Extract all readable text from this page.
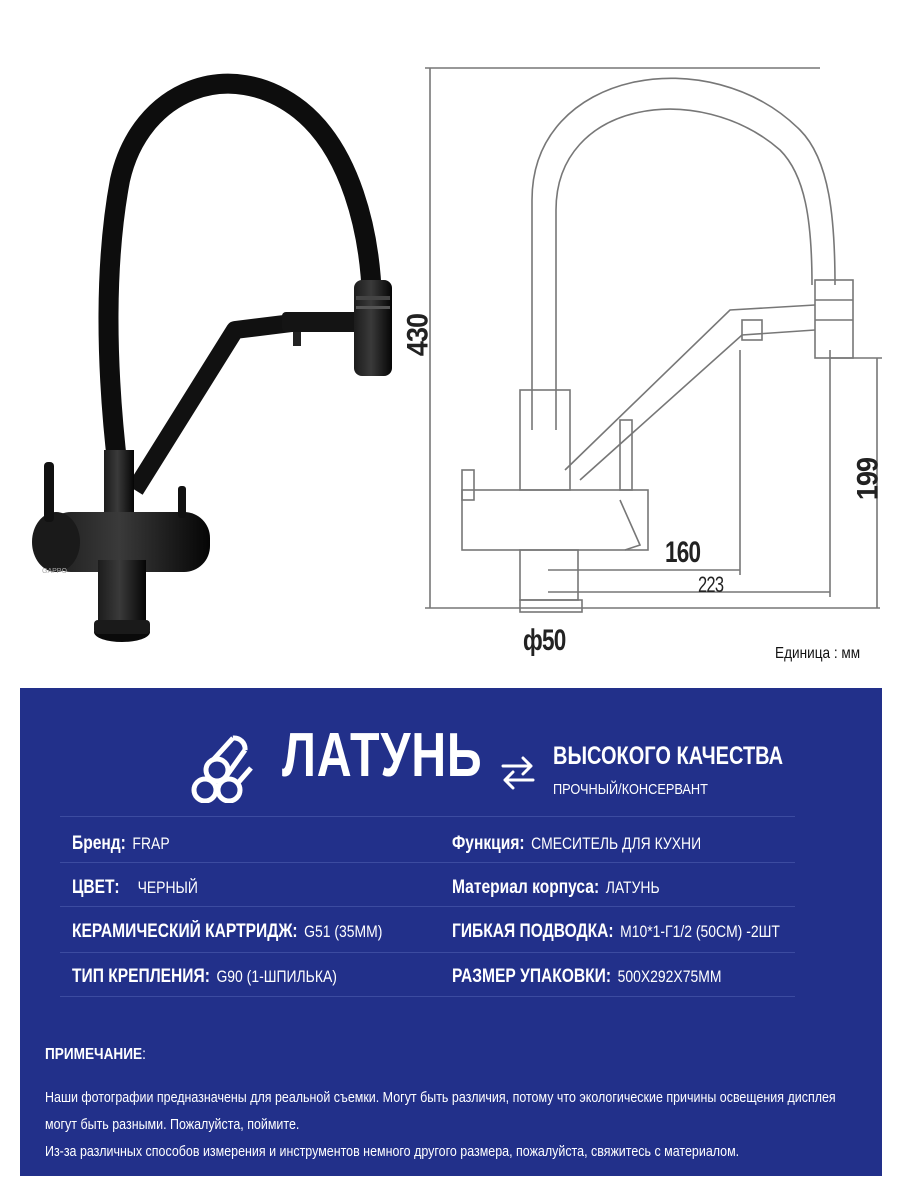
GAPPO
430
199
160
223
ф50	Единица : мм
ЛАТУНЬ	ВЫСОКОГО КАЧЕСТВА
ПРОЧНЫЙ/КОНСЕРВАНТ
Бренд: FRAP
ЦВЕТ: ЧЕРНЫЙ
КЕРАМИЧЕСКИЙ КАРТРИДЖ: G51 (35MM)
ТИП КРЕПЛЕНИЯ: G90 (1-ШПИЛЬКА)
Функция: СМЕСИТЕЛЬ ДЛЯ КУХНИ
Материал корпуса: ЛАТУНЬ
ГИБКАЯ ПОДВОДКА: M10*1-Г1/2 (50CM) -2ШТ
РАЗМЕР УПАКОВКИ: 500X292X75MM
ПРИМЕЧАНИЕ:
Наши фотографии предназначены для реальной съемки. Могут быть различия, потому что экологические причины освещения дисплея
могут быть разными. Пожалуйста, поймите.
Из-за различных способов измерения и инструментов немного другого размера, пожалуйста, свяжитесь с материалом.
